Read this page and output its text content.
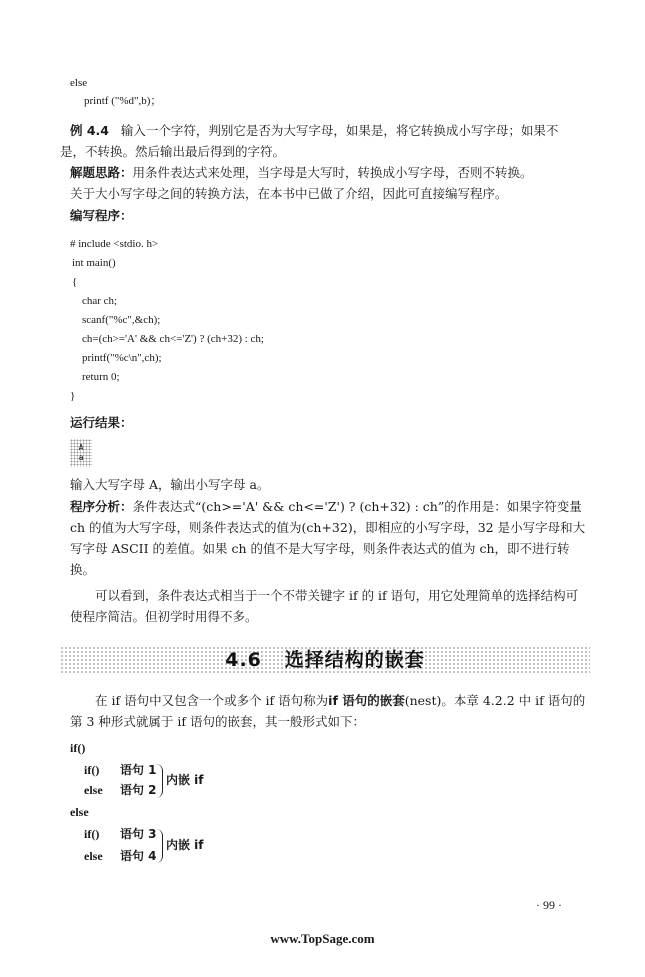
else
printf ("%d",b)；
例 4.4 输入一个字符，判别它是否为大写字母，如果是，将它转换成小写字母；如果不
是，不转换。然后输出最后得到的字符。
解题思路：用条件表达式来处理，当字母是大写时，转换成小写字母，否则不转换。
关于大小写字母之间的转换方法，在本书中已做了介绍，因此可直接编写程序。
编写程序：
# include <stdio. h>
int main()
{
char ch;
scanf("%c",&ch);
ch=(ch>='A' && ch<='Z') ? (ch+32) : ch;
printf("%c\n",ch);
return 0;
}
运行结果：
A
a
输入大写字母 A，输出小写字母 a。
程序分析：条件表达式“(ch>='A' && ch<='Z') ? (ch+32) : ch”的作用是：如果字符变量 ch 的值为大写字母，则条件表达式的值为(ch+32)，即相应的小写字母，32 是小写字母和大写字母 ASCII 的差值。如果 ch 的值不是大写字母，则条件表达式的值为 ch，即不进行转换。
可以看到，条件表达式相当于一个不带关键字 if 的 if 语句，用它处理简单的选择结构可使程序简洁。但初学时用得不多。
4.6 选择结构的嵌套
在 if 语句中又包含一个或多个 if 语句称为if 语句的嵌套(nest)。本章 4.2.2 中 if 语句的第 3 种形式就属于 if 语句的嵌套，其一般形式如下：
if()
if() 语句 1
else 语句 2
内嵌 if
else
if() 语句 3
else 语句 4
内嵌 if
· 99 ·
www.TopSage.com
